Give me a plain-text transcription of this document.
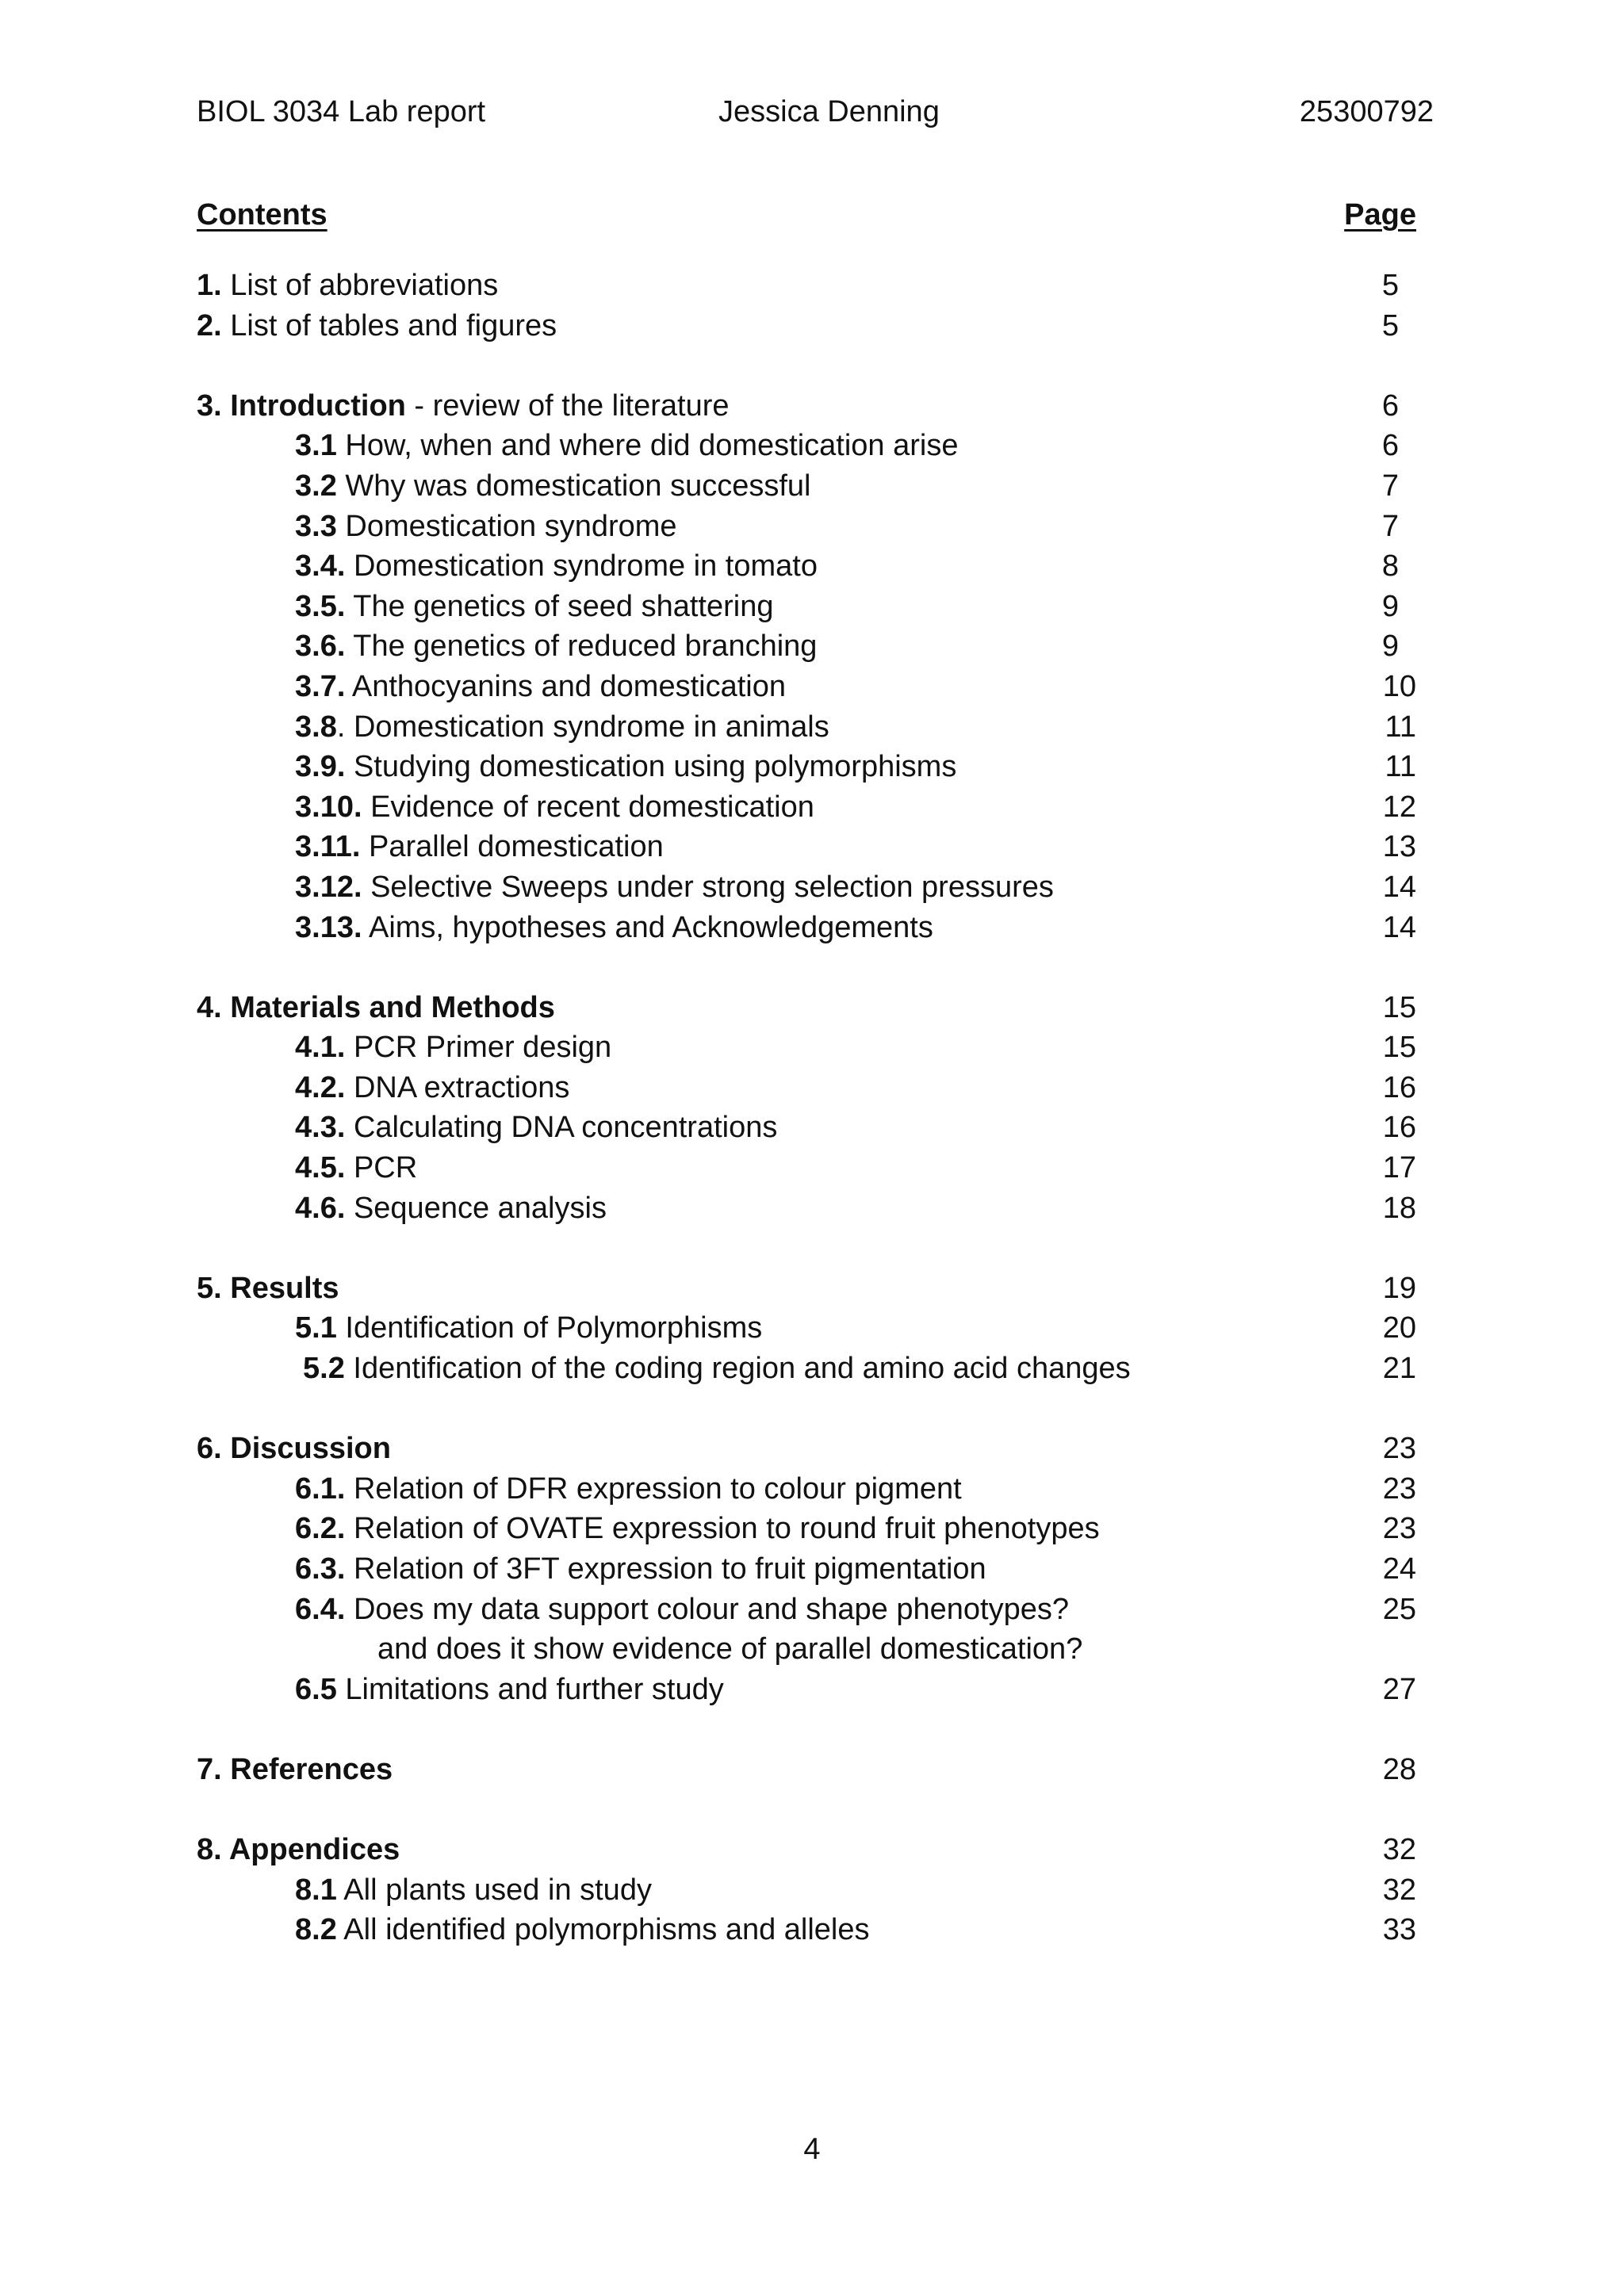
BIOL 3034 Lab report	Jessica Denning	25300792
Contents	Page
1. List of abbreviations	5
2. List of tables and figures	5
3. Introduction - review of the literature	6
3.1 How, when and where did domestication arise	6
3.2 Why was domestication successful	7
3.3 Domestication syndrome	7
3.4. Domestication syndrome in tomato	8
3.5. The genetics of seed shattering	9
3.6. The genetics of reduced branching	9
3.7. Anthocyanins and domestication	10
3.8. Domestication syndrome in animals	11
3.9. Studying domestication using polymorphisms	11
3.10. Evidence of recent domestication	12
3.11. Parallel domestication	13
3.12. Selective Sweeps under strong selection pressures	14
3.13. Aims, hypotheses and Acknowledgements	14
4. Materials and Methods	15
4.1. PCR Primer design	15
4.2. DNA extractions	16
4.3. Calculating DNA concentrations	16
4.5. PCR	17
4.6. Sequence analysis	18
5. Results	19
5.1 Identification of Polymorphisms	20
5.2 Identification of the coding region and amino acid changes	21
6. Discussion	23
6.1. Relation of DFR expression to colour pigment	23
6.2. Relation of OVATE expression to round fruit phenotypes	23
6.3. Relation of 3FT expression to fruit pigmentation	24
6.4. Does my data support colour and shape phenotypes?	25
and does it show evidence of parallel domestication?
6.5 Limitations and further study	27
7. References	28
8. Appendices	32
8.1 All plants used in study	32
8.2 All identified polymorphisms and alleles	33
4
